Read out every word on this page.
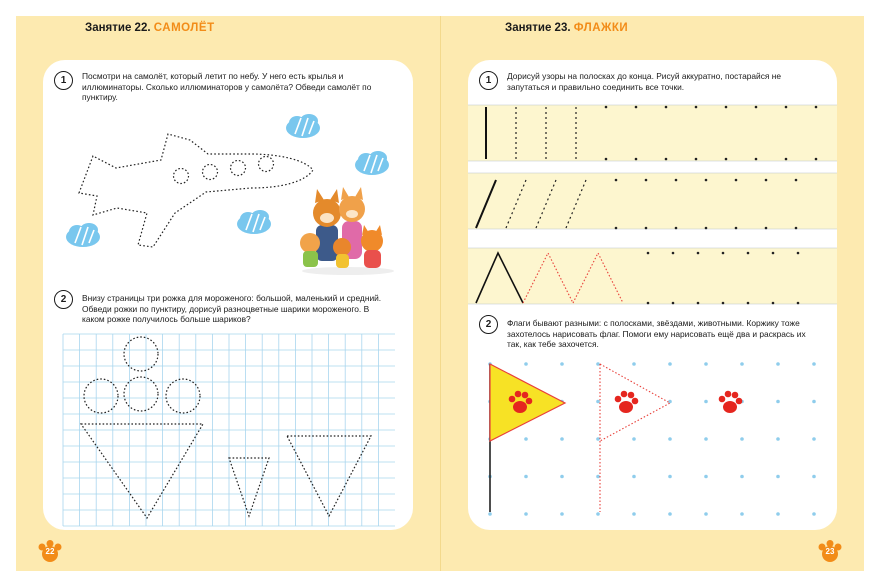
Занятие 22. САМОЛЁТ
1	Посмотри на самолёт, который летит по небу. У него есть крылья и иллюминаторы. Сколько иллюминаторов у самолёта? Обведи самолёт по пунктиру.
2	Внизу страницы три рожка для мороженого: большой, маленький и средний. Обведи рожки по пунктиру, дорисуй разноцветные шарики мороженого. В каком рожке получилось больше шариков?
22
Занятие 23. ФЛАЖКИ
1	Дорисуй узоры на полосках до конца. Рисуй аккуратно, постарайся не запутаться и правильно соединить все точки.
2	Флаги бывают разными: с полосками, звёздами, животными. Коржику тоже захотелось нарисовать флаг. Помоги ему нарисовать ещё два и раскрась их так, как тебе захочется.
23
